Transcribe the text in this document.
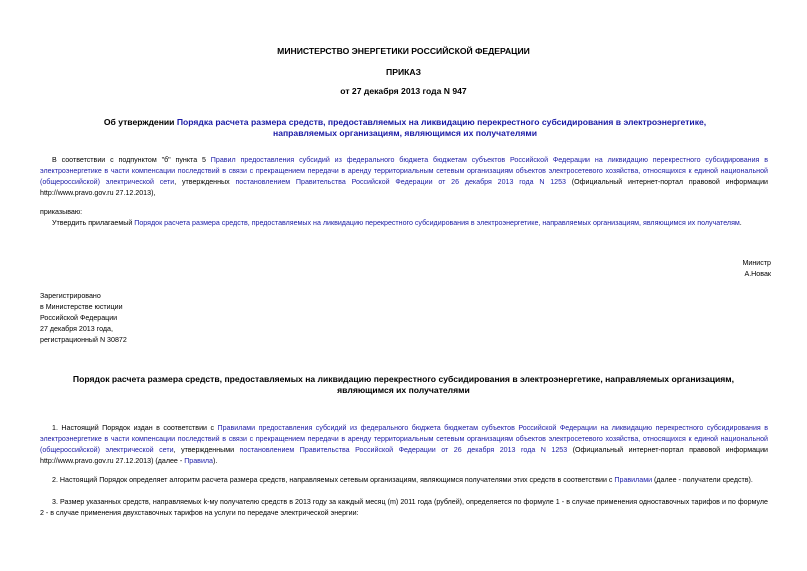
МИНИСТЕРСТВО ЭНЕРГЕТИКИ РОССИЙСКОЙ ФЕДЕРАЦИИ
ПРИКАЗ
от 27 декабря 2013 года N 947
Об утверждении Порядка расчета размера средств, предоставляемых на ликвидацию перекрестного субсидирования в электроэнергетике, направляемых организациям, являющимся их получателями
В соответствии с подпунктом "б" пункта 5 Правил предоставления субсидий из федерального бюджета бюджетам субъектов Российской Федерации на ликвидацию перекрестного субсидирования в электроэнергетике в части компенсации последствий в связи с прекращением передачи в аренду территориальным сетевым организациям объектов электросетевого хозяйства, относящихся к единой национальной (общероссийской) электрической сети, утвержденных постановлением Правительства Российской Федерации от 26 декабря 2013 года N 1253 (Официальный интернет-портал правовой информации http://www.pravo.gov.ru 27.12.2013),
приказываю:
Утвердить прилагаемый Порядок расчета размера средств, предоставляемых на ликвидацию перекрестного субсидирования в электроэнергетике, направляемых организациям, являющимся их получателям.
Министр
А.Новак
Зарегистрировано
в Министерстве юстиции
Российской Федерации
27 декабря 2013 года,
регистрационный N 30872
Порядок расчета размера средств, предоставляемых на ликвидацию перекрестного субсидирования в электроэнергетике, направляемых организациям, являющимся их получателями
1. Настоящий Порядок издан в соответствии с Правилами предоставления субсидий из федерального бюджета бюджетам субъектов Российской Федерации на ликвидацию перекрестного субсидирования в электроэнергетике в части компенсации последствий в связи с прекращением передачи в аренду территориальным сетевым организациям объектов электросетевого хозяйства, относящихся к единой национальной (общероссийской) электрической сети, утвержденными постановлением Правительства Российской Федерации от 26 декабря 2013 года N 1253 (Официальный интернет-портал правовой информации http://www.pravo.gov.ru 27.12.2013) (далее - Правила).
2. Настоящий Порядок определяет алгоритм расчета размера средств, направляемых сетевым организациям, являющимся получателями этих средств в соответствии с Правилами (далее - получатели средств).
3. Размер указанных средств, направляемых k-му получателю средств в 2013 году за каждый месяц (m) 2011 года (рублей), определяется по формуле 1 - в случае применения одноставочных тарифов и по формуле 2 - в случае применения двухставочных тарифов на услуги по передаче электрической энергии:
